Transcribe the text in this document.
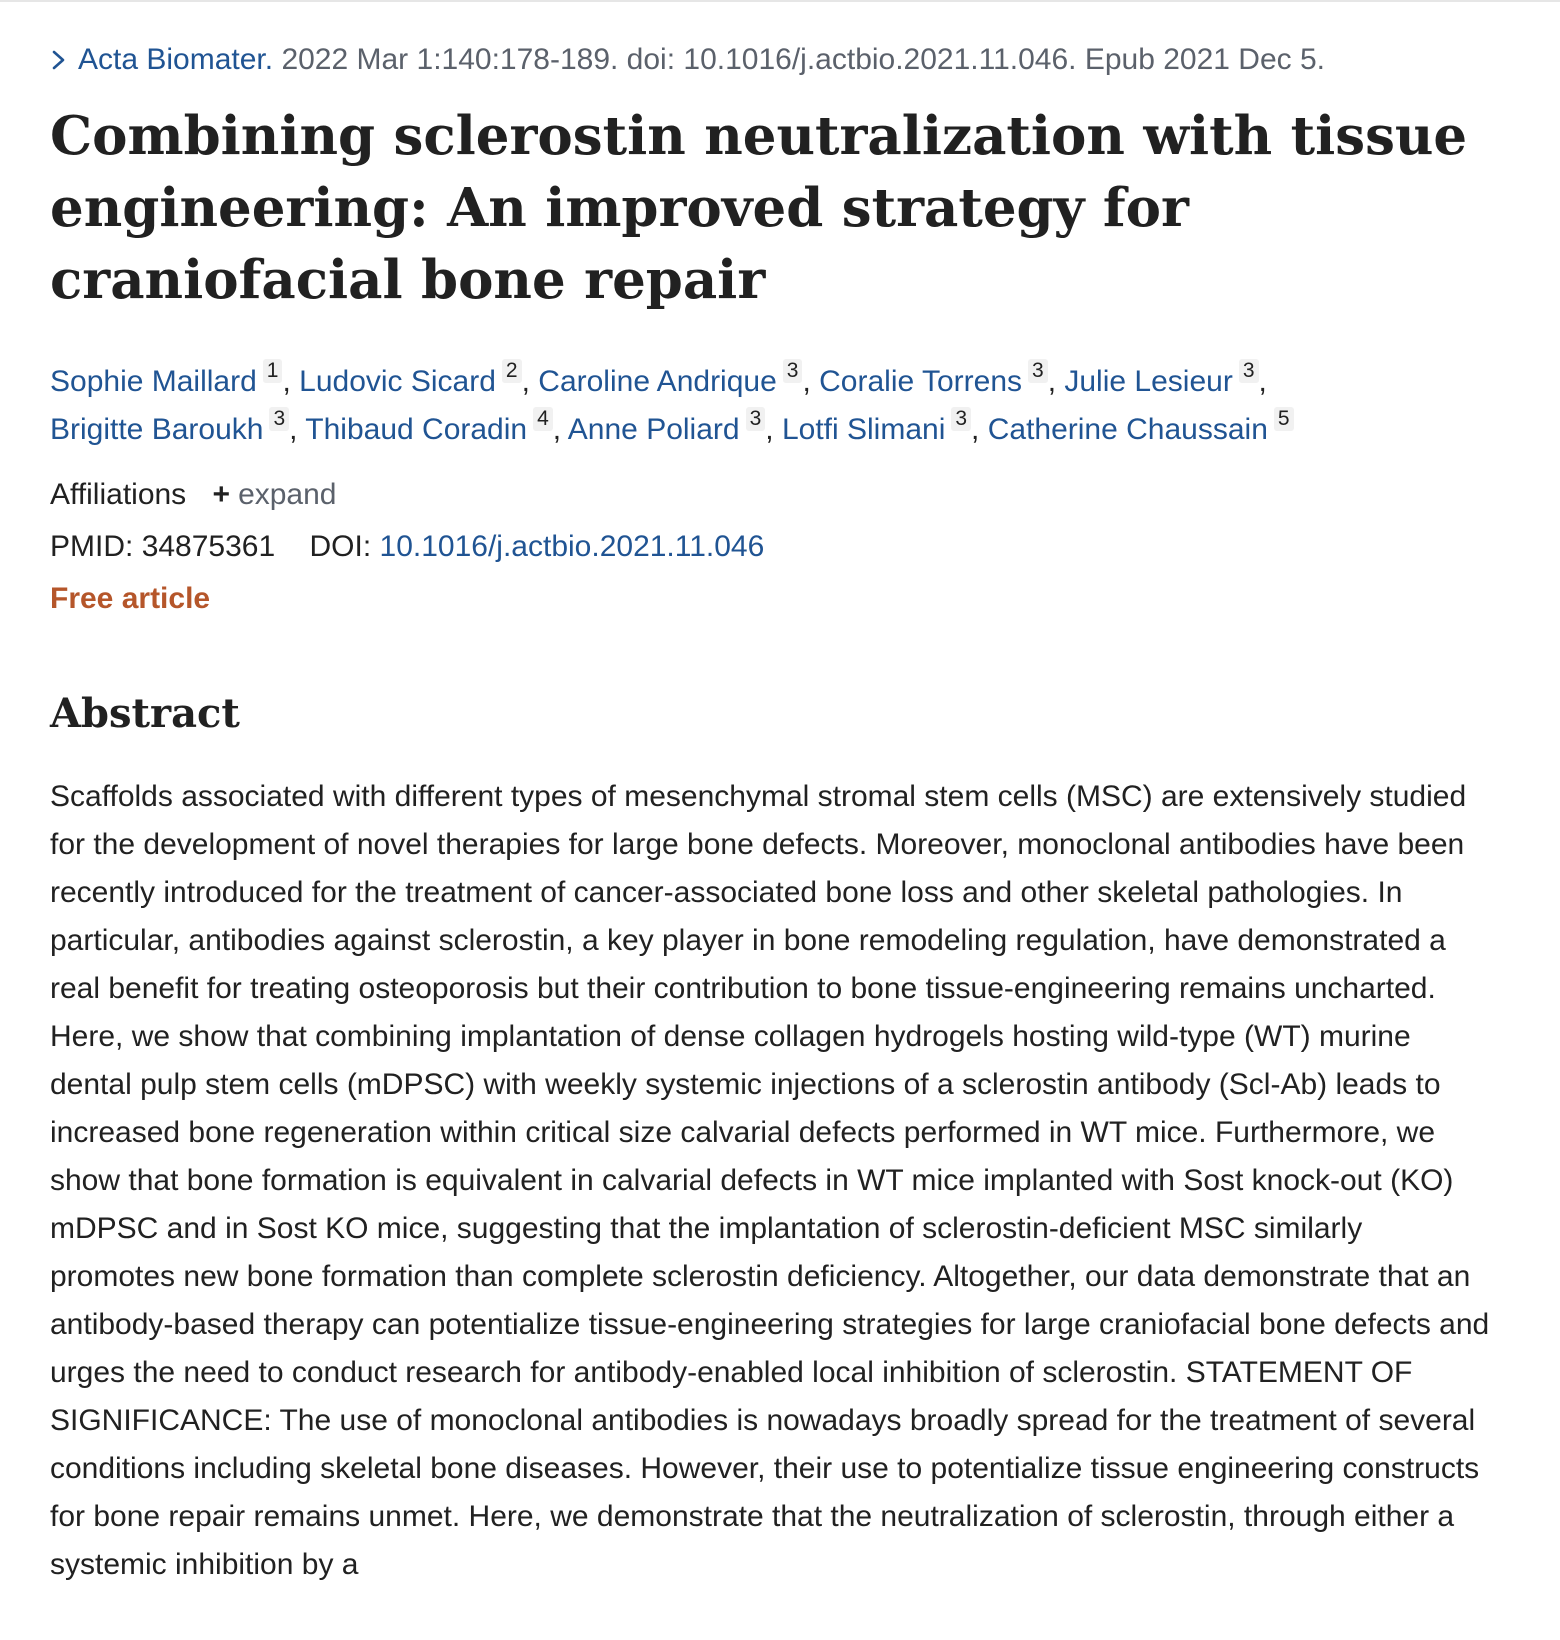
Acta Biomater. 2022 Mar 1:140:178-189. doi: 10.1016/j.actbio.2021.11.046. Epub 2021 Dec 5.
Combining sclerostin neutralization with tissue engineering: An improved strategy for craniofacial bone repair
Sophie Maillard $^1$ , Ludovic Sicard $^2$ , Caroline Andrique $^3$ , Coralie Torrens $^3$ , Julie Lesieur $^3$ ,
Brigitte Baroukh $^3$ , Thibaud Coradin $^4$ , Anne Poliard $^3$ , Lotfi Slimani $^3$ , Catherine Chaussain $^5$
Affiliations + expand
PMID: 34875361 DOI: 10.1016/j.actbio.2021.11.046
Free article
Abstract

Scaffolds associated with different types of mesenchymal stromal stem cells (MSC) are extensively studied for the development of novel therapies for large bone defects. Moreover, monoclonal antibodies have been recently introduced for the treatment of cancer-associated bone loss and other skeletal pathologies. In particular, antibodies against sclerostin, a key player in bone remodeling regulation, have demonstrated a real benefit for treating osteoporosis but their contribution to bone tissue-engineering remains uncharted. Here, we show that combining implantation of dense collagen hydrogels hosting wild-type (WT) murine dental pulp stem cells (mDPSC) with weekly systemic injections of a sclerostin antibody (Scl-Ab) leads to increased bone regeneration within critical size calvarial defects performed in WT mice. Furthermore, we show that bone formation is equivalent in calvarial defects in WT mice implanted with Sost knock-out (KO) mDPSC and in Sost KO mice, suggesting that the implantation of sclerostin-deficient MSC similarly promotes new bone formation than complete sclerostin deficiency. Altogether, our data demonstrate that an antibody-based therapy can potentialize tissue-engineering strategies for large craniofacial bone defects and urges the need to conduct research for antibody-enabled local inhibition of sclerostin. STATEMENT OF SIGNIFICANCE: The use of monoclonal antibodies is nowadays broadly spread for the treatment of several conditions including skeletal bone diseases. However, their use to potentialize tissue engineering constructs for bone repair remains unmet. Here, we demonstrate that the neutralization of sclerostin, through either a systemic inhibition by a
